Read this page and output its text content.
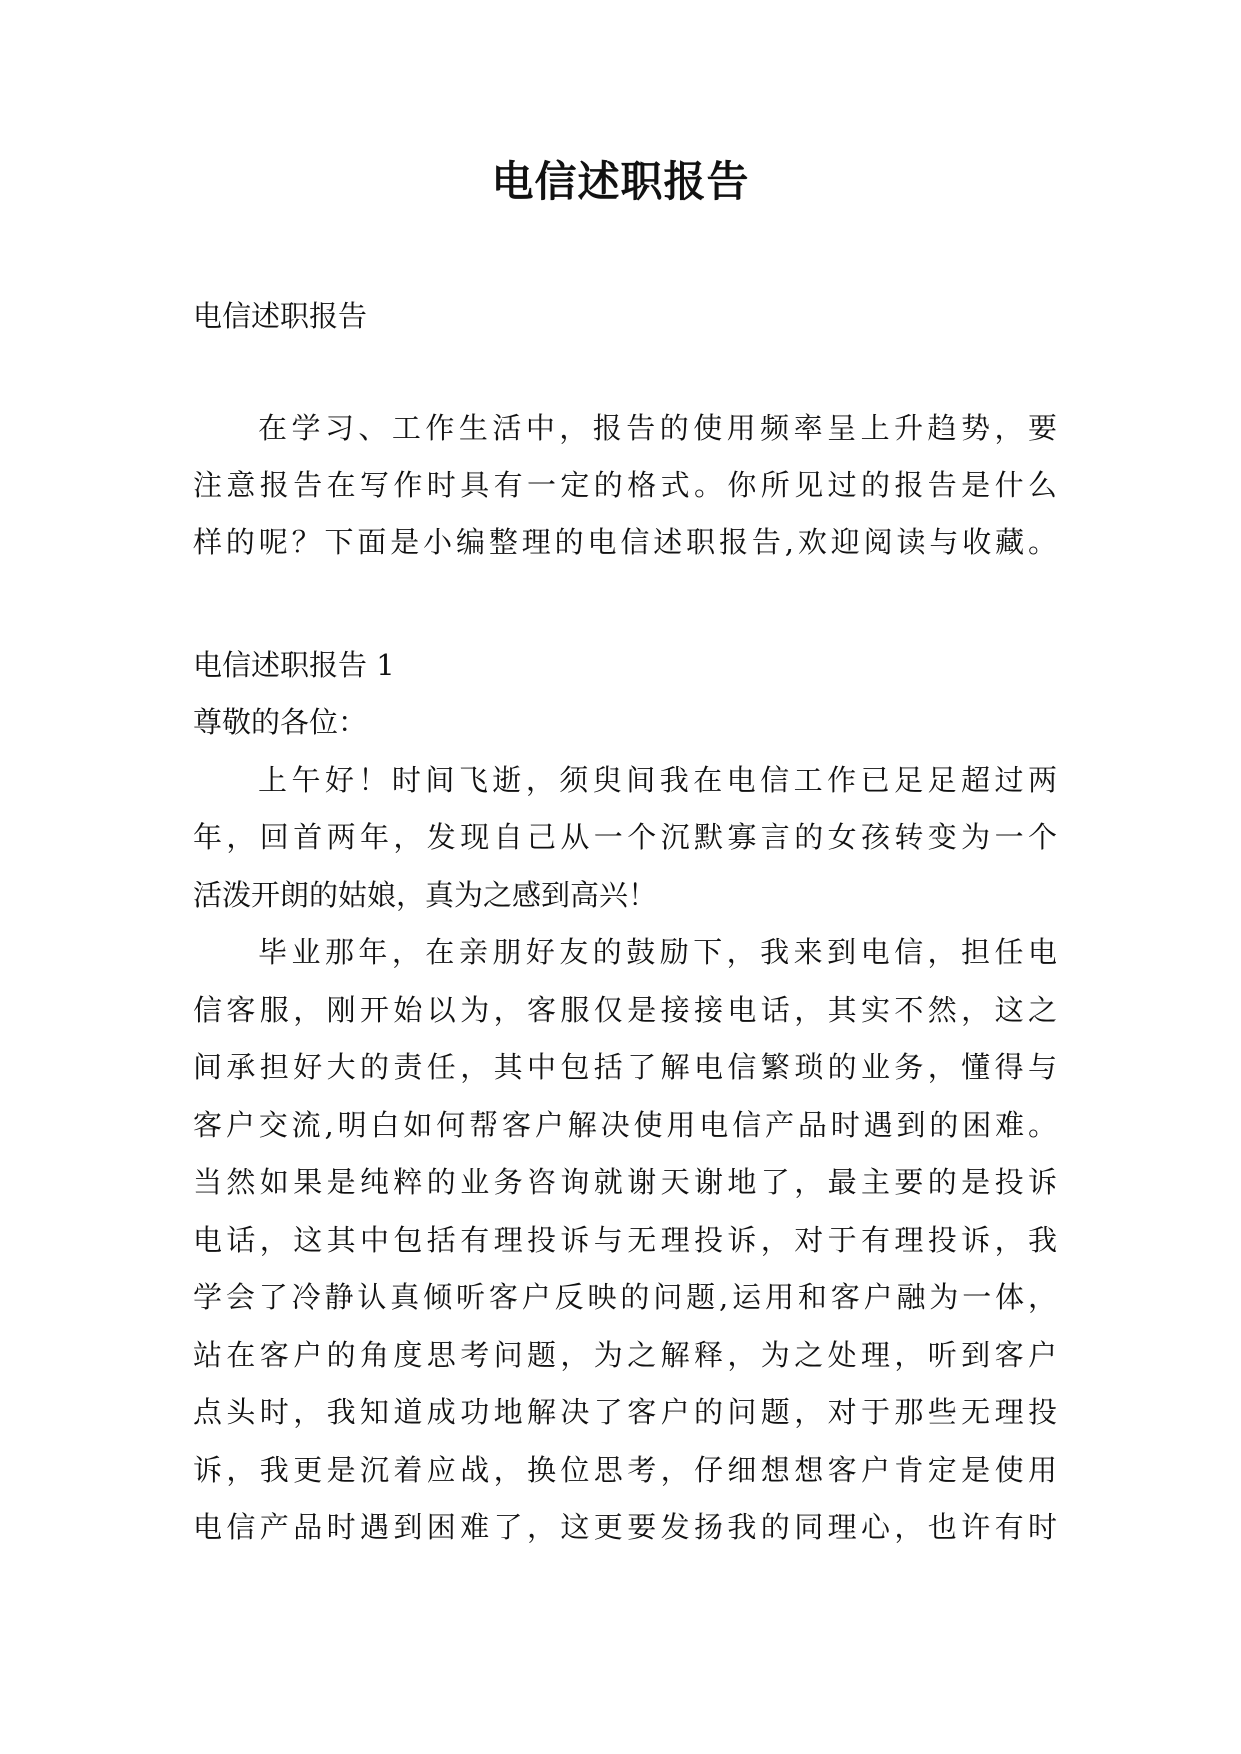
电信述职报告
电信述职报告
在学习、工作生活中，报告的使用频率呈上升趋势，要
注意报告在写作时具有一定的格式。你所见过的报告是什么
样的呢？下面是小编整理的电信述职报告,欢迎阅读与收藏。
电信述职报告 1
尊敬的各位：
上午好！时间飞逝，须臾间我在电信工作已足足超过两
年，回首两年，发现自己从一个沉默寡言的女孩转变为一个
活泼开朗的姑娘，真为之感到高兴！
毕业那年，在亲朋好友的鼓励下，我来到电信，担任电
信客服，刚开始以为，客服仅是接接电话，其实不然，这之
间承担好大的责任，其中包括了解电信繁琐的业务，懂得与
客户交流,明白如何帮客户解决使用电信产品时遇到的困难。
当然如果是纯粹的业务咨询就谢天谢地了，最主要的是投诉
电话，这其中包括有理投诉与无理投诉，对于有理投诉，我
学会了冷静认真倾听客户反映的问题,运用和客户融为一体，
站在客户的角度思考问题，为之解释，为之处理，听到客户
点头时，我知道成功地解决了客户的问题，对于那些无理投
诉，我更是沉着应战，换位思考，仔细想想客户肯定是使用
电信产品时遇到困难了，这更要发扬我的同理心，也许有时
